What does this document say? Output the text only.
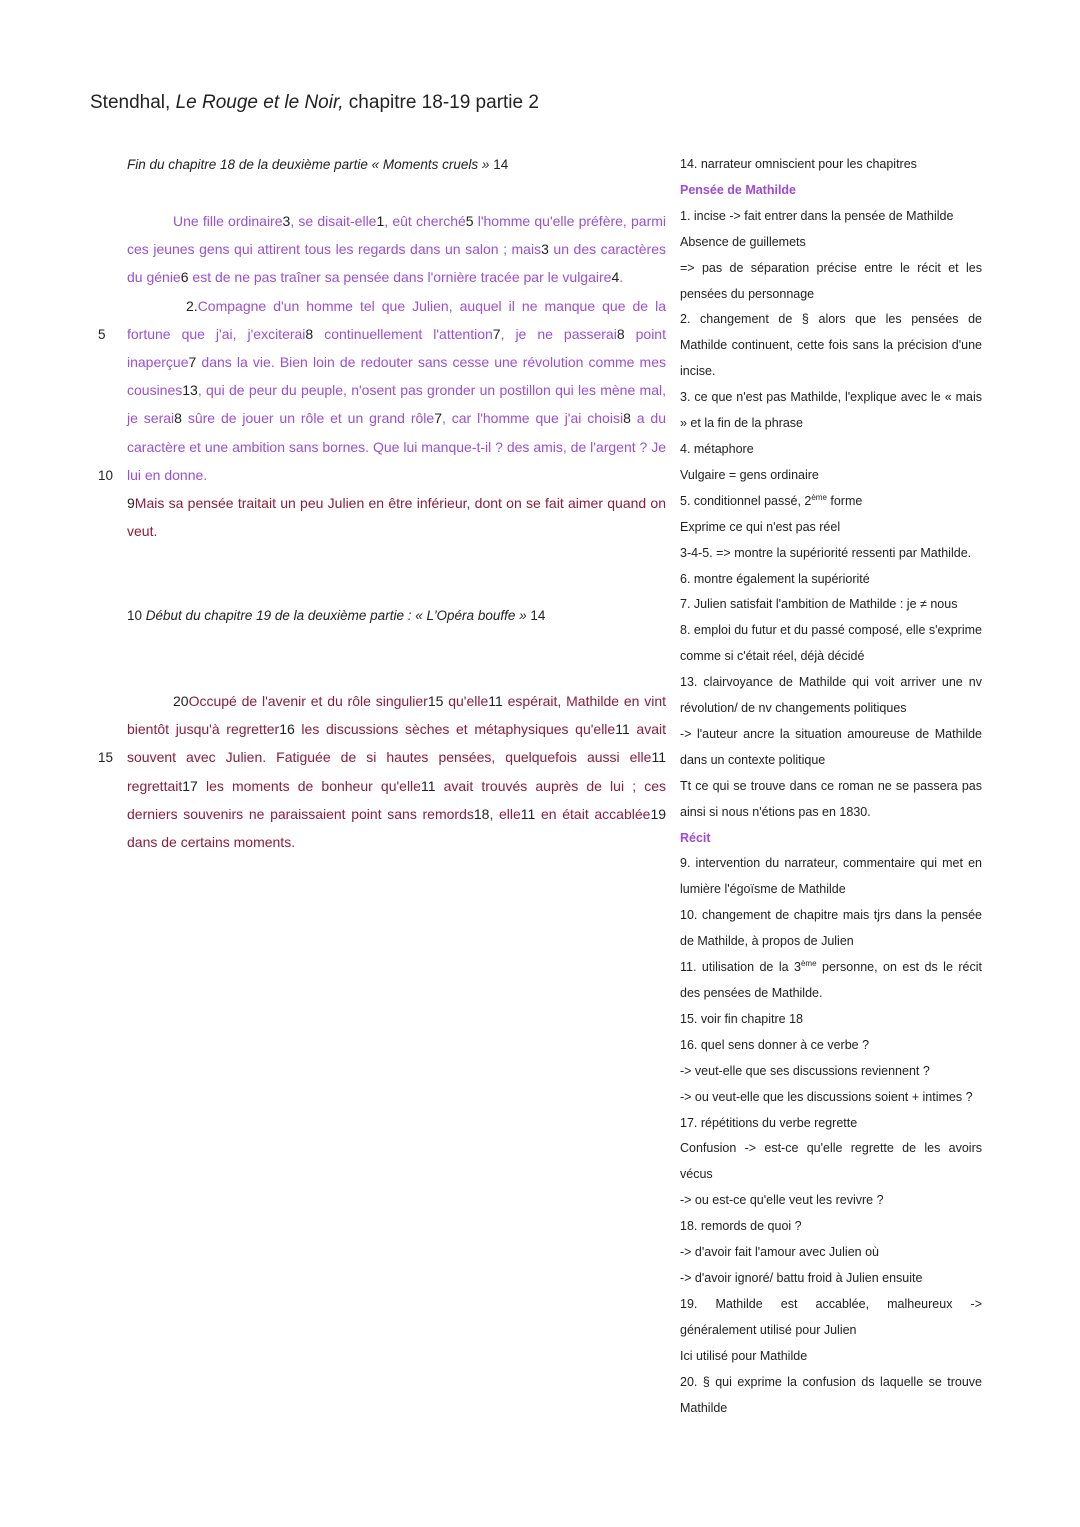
Stendhal, Le Rouge et le Noir, chapitre 18-19 partie 2
Fin du chapitre 18 de la deuxième partie « Moments cruels » 14

Une fille ordinaire3, se disait-elle1, eût cherché5 l'homme qu'elle préfère, parmi ces jeunes gens qui attirent tous les regards dans un salon ; mais3 un des caractères du génie6 est de ne pas traîner sa pensée dans l'ornière tracée par le vulgaire4.

2.Compagne d'un homme tel que Julien, auquel il ne manque que de la fortune que j'ai, j'exciterai8 continuellement l'attention7, je ne passerai8 point inaperçue7 dans la vie. Bien loin de redouter sans cesse une révolution comme mes cousines13, qui de peur du peuple, n'osent pas gronder un postillon qui les mène mal, je serai8 sûre de jouer un rôle et un grand rôle7, car l'homme que j'ai choisi8 a du caractère et une ambition sans bornes. Que lui manque-t-il ? des amis, de l'argent ? Je lui en donne.

9Mais sa pensée traitait un peu Julien en être inférieur, dont on se fait aimer quand on veut.

5
10
15
10 Début du chapitre 19 de la deuxième partie : « L'Opéra bouffe » 14

20Occupé de l'avenir et du rôle singulier15 qu'elle11 espérait, Mathilde en vint bientôt jusqu'à regretter16 les discussions sèches et métaphysiques qu'elle11 avait souvent avec Julien. Fatiguée de si hautes pensées, quelquefois aussi elle11 regrettait17 les moments de bonheur qu'elle11 avait trouvés auprès de lui ; ces derniers souvenirs ne paraissaient point sans remords18, elle11 en était accablée19 dans de certains moments.

14. narrateur omniscient pour les chapitres
Pensée de Mathilde
1. incise -> fait entrer dans la pensée de Mathilde
Absence de guillemets
=> pas de séparation précise entre le récit et les pensées du personnage
2. changement de § alors que les pensées de Mathilde continuent, cette fois sans la précision d'une incise.
3. ce que n'est pas Mathilde, l'explique avec le « mais » et la fin de la phrase
4. métaphore
Vulgaire = gens ordinaire
5. conditionnel passé, 2ème forme
Exprime ce qui n'est pas réel
3-4-5. => montre la supériorité ressenti par Mathilde.
6. montre également la supériorité
7. Julien satisfait l'ambition de Mathilde : je ≠ nous
8. emploi du futur et du passé composé, elle s'exprime comme si c'était réel, déjà décidé
13. clairvoyance de Mathilde qui voit arriver une nv révolution/ de nv changements politiques
-> l'auteur ancre la situation amoureuse de Mathilde dans un contexte politique
Tt ce qui se trouve dans ce roman ne se passera pas ainsi si nous n'étions pas en 1830.
Récit
9. intervention du narrateur, commentaire qui met en lumière l'égoïsme de Mathilde
10. changement de chapitre mais tjrs dans la pensée de Mathilde, à propos de Julien
11. utilisation de la 3ème personne, on est ds le récit des pensées de Mathilde.
15. voir fin chapitre 18
16. quel sens donner à ce verbe ?
-> veut-elle que ses discussions reviennent ?
-> ou veut-elle que les discussions soient + intimes ?
17. répétitions du verbe regrette
Confusion -> est-ce qu'elle regrette de les avoirs vécus
-> ou est-ce qu'elle veut les revivre ?
18. remords de quoi ?
-> d'avoir fait l'amour avec Julien où
-> d'avoir ignoré/ battu froid à Julien ensuite
19. Mathilde est accablée, malheureux -> généralement utilisé pour Julien
Ici utilisé pour Mathilde
20. § qui exprime la confusion ds laquelle se trouve Mathilde
